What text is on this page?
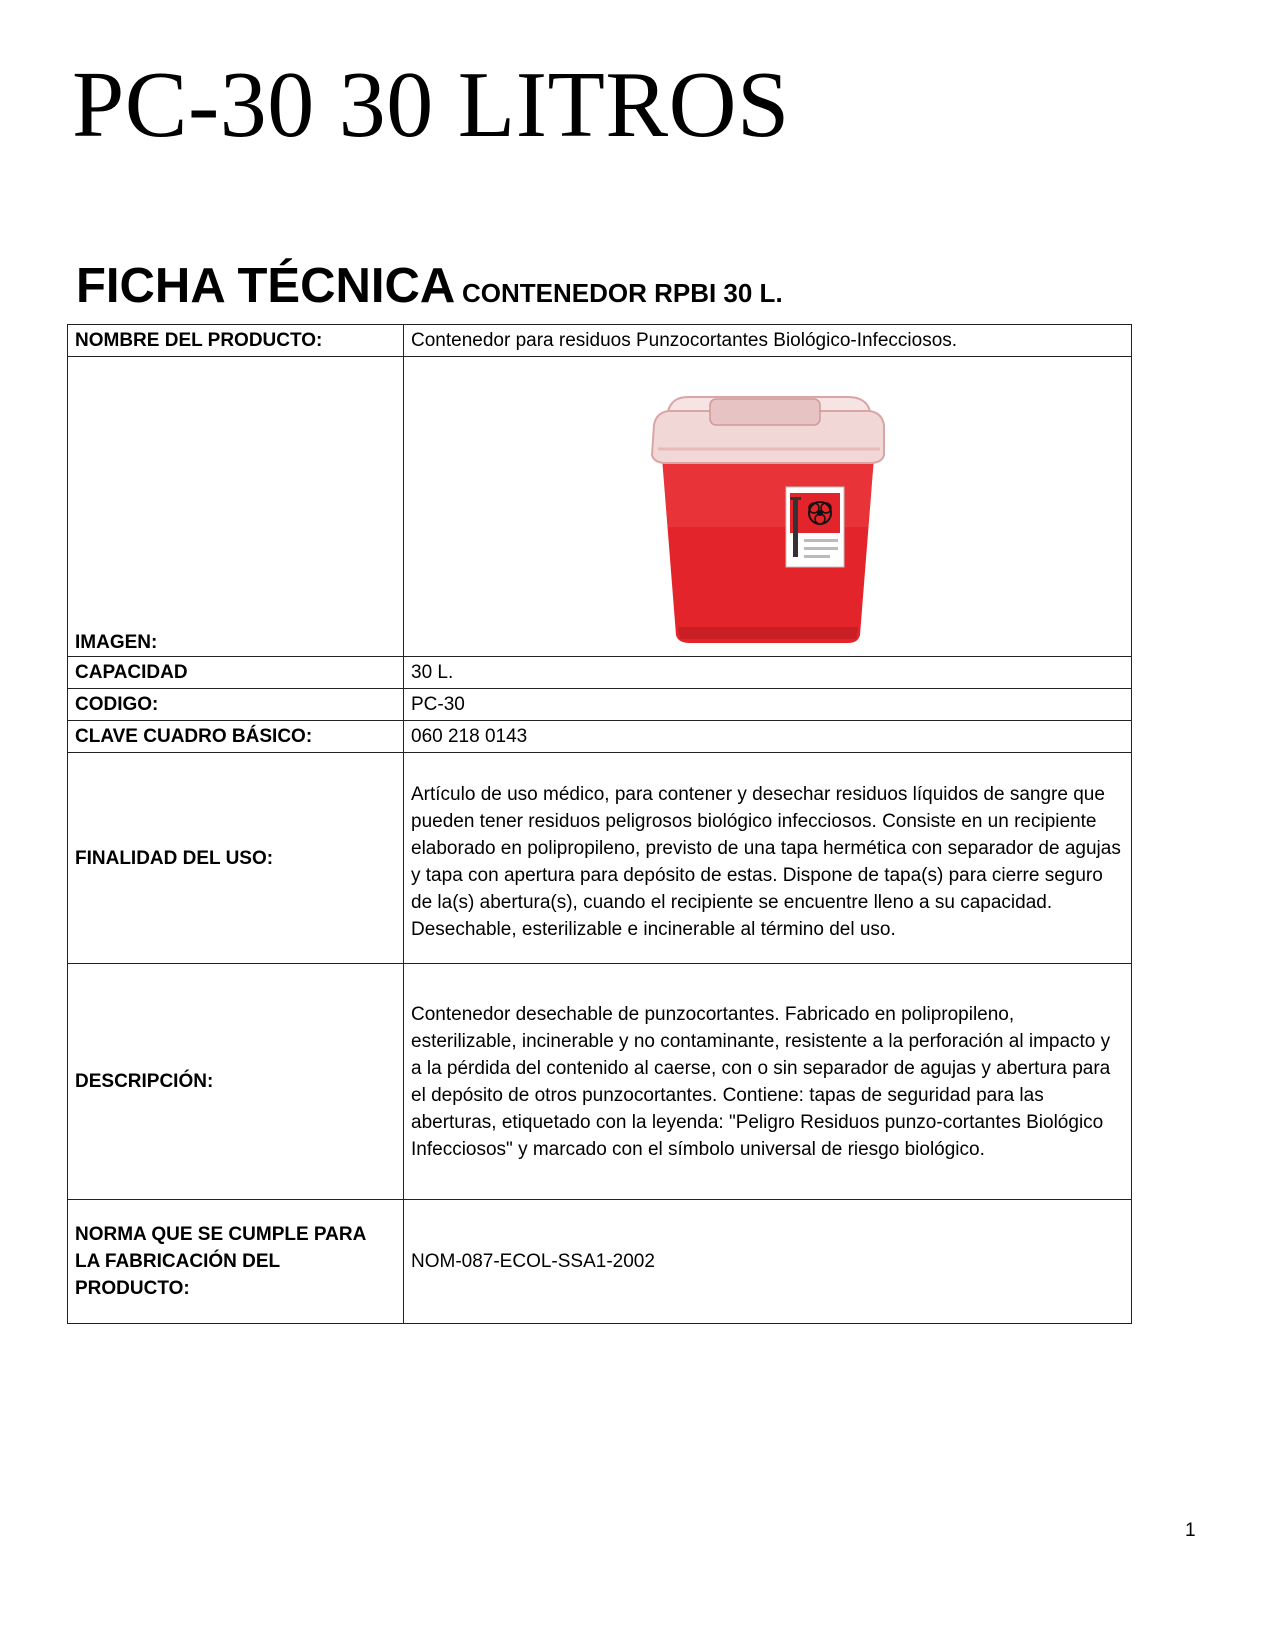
PC-30 30 LITROS
FICHA TÉCNICA CONTENEDOR RPBI 30 L.
NOMBRE DEL PRODUCTO:	Contenedor para residuos Punzocortantes Biológico-Infecciosos.
IMAGEN:	

CAPACIDAD	30 L.
CODIGO:	PC-30
CLAVE CUADRO BÁSICO:	060 218 0143
FINALIDAD DEL USO:	Artículo de uso médico, para contener y desechar residuos líquidos de sangre que pueden tener residuos peligrosos biológico infecciosos. Consiste en un recipiente elaborado en polipropileno, previsto de una tapa hermética con separador de agujas y tapa con apertura para depósito de estas. Dispone de tapa(s) para cierre seguro de la(s) abertura(s), cuando el recipiente se encuentre lleno a su capacidad. Desechable, esterilizable e incinerable al término del uso.
DESCRIPCIÓN:	Contenedor desechable de punzocortantes. Fabricado en polipropileno, esterilizable, incinerable y no contaminante, resistente a la perforación al impacto y a la pérdida del contenido al caerse, con o sin separador de agujas y abertura para el depósito de otros punzocortantes. Contiene: tapas de seguridad para las aberturas, etiquetado con la leyenda: "Peligro Residuos punzo-cortantes Biológico Infecciosos" y marcado con el símbolo universal de riesgo biológico.
NORMA QUE SE CUMPLE PARA LA FABRICACIÓN DEL PRODUCTO:	NOM-087-ECOL-SSA1-2002
1
